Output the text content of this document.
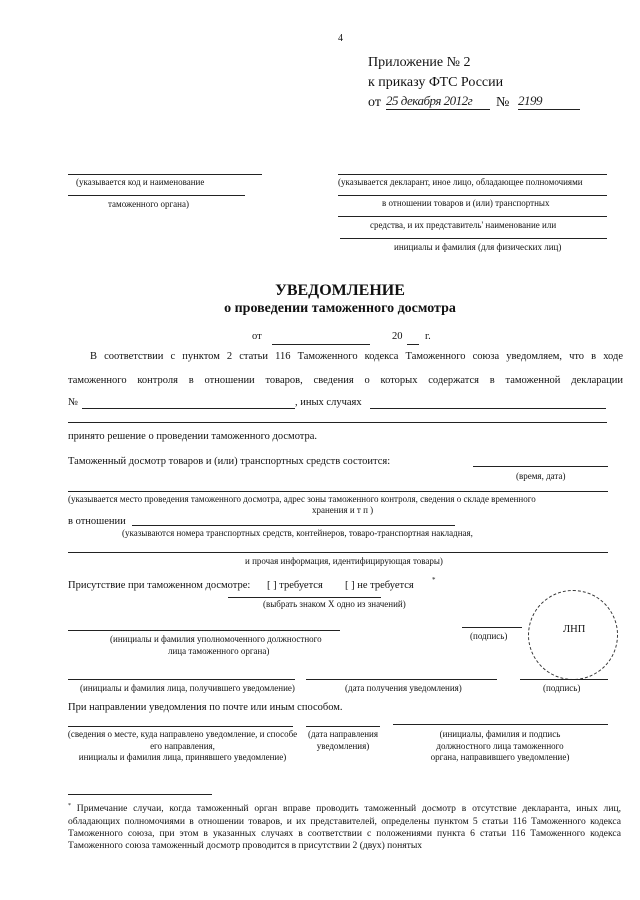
4
Приложение № 2
к приказу ФТС России
от 25 декабря 2012г	№ 2199
(указывается код и наименование
таможенного органа)
(указывается декларант, иное лицо, обладающее полномочиями
в отношении товаров и (или) транспортных
средства, и их представитель' наименование или
инициалы и фамилия (для физических лиц)
УВЕДОМЛЕНИЕ
о проведении таможенного досмотра
от	20 г.
В соответствии с пунктом 2 статьи 116 Таможенного кодекса Таможенного союза уведомляем, что в ходе
таможенного контроля в отношении товаров, сведения о которых содержатся в таможенной декларации
№	, иных случаях
принято решение о проведении таможенного досмотра.
Таможенный досмотр товаров и (или) транспортных средств состоится:
(время, дата)
(указывается место проведения таможенного досмотра, адрес зоны таможенного контроля, сведения о складе временного
хранения и т п )
в отношении
(указываются номера транспортных средств, контейнеров, товаро-транспортная накладная,
и прочая информация, идентифицирующая товары)
Присутствие при таможенном досмотре: [ ] требуется [ ] не требуется	*
(выбрать знаком X одно из значений)
(инициалы и фамилия уполномоченного должностного
лица таможенного органа)
(подпись)
ЛНП
(инициалы и фамилия лица, получившего уведомление)	(дата получения уведомления)	(подпись)
При направлении уведомления по почте или иным способом.
(сведения о месте, куда направлено уведомление, и способе
его направления,
инициалы и фамилия лица, принявшего уведомление)
(дата направления
уведомления)
(инициалы, фамилия и подпись
должностного лица таможенного
органа, направившего уведомление)
* Примечание случаи, когда таможенный орган вправе проводить таможенный досмотр в отсутствие декларанта, иных лиц, обладающих полномочиями в отношении товаров, и их представителей, определены пунктом 5 статьи 116 Таможенного кодекса Таможенного союза, при этом в указанных случаях в соответствии с положениями пункта 6 статьи 116 Таможенного кодекса Таможенного союза таможенный досмотр проводится в присутствии 2 (двух) понятых
